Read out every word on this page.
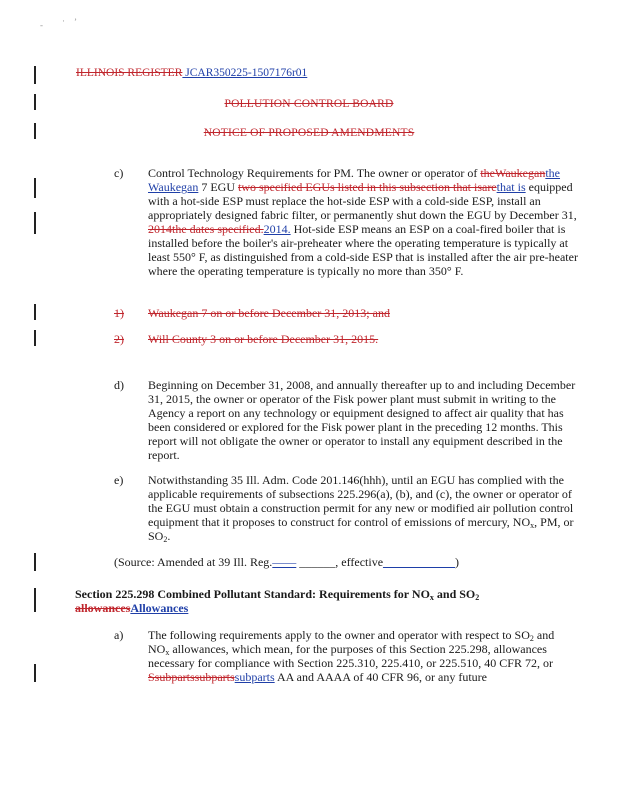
- · ’
ILLINOIS REGISTER JCAR350225-1507176r01
POLLUTION CONTROL BOARD
NOTICE OF PROPOSED AMENDMENTS
c) Control Technology Requirements for PM. The owner or operator of theWaukeganthe Waukegan 7 EGU two specified EGUs listed in this subsection that isarethat is equipped with a hot-side ESP must replace the hot-side ESP with a cold-side ESP, install an appropriately designed fabric filter, or permanently shut down the EGU by December 31, 2014the dates specified.2014. Hot-side ESP means an ESP on a coal-fired boiler that is installed before the boiler's air-preheater where the operating temperature is typically at least 550° F, as distinguished from a cold-side ESP that is installed after the air pre-heater where the operating temperature is typically no more than 350° F.
1) Waukegan 7 on or before December 31, 2013; and
2) Will County 3 on or before December 31, 2015.
d) Beginning on December 31, 2008, and annually thereafter up to and including December 31, 2015, the owner or operator of the Fisk power plant must submit in writing to the Agency a report on any technology or equipment designed to affect air quality that has been considered or explored for the Fisk power plant in the preceding 12 months. This report will not obligate the owner or operator to install any equipment described in the report.
e) Notwithstanding 35 Ill. Adm. Code 201.146(hhh), until an EGU has complied with the applicable requirements of subsections 225.296(a), (b), and (c), the owner or operator of the EGU must obtain a construction permit for any new or modified air pollution control equipment that it proposes to construct for control of emissions of mercury, $NO_x$, PM, or $SO_2$.
(Source: Amended at 39 Ill. Reg.—— ______, effective____________)
Section 225.298 Combined Pollutant Standard: Requirements for $NO_x$ and $SO_2$
allowancesAllowances
a) The following requirements apply to the owner and operator with respect to $SO_2$ and $NO_x$ allowances, which mean, for the purposes of this Section 225.298, allowances necessary for compliance with Section 225.310, 225.410, or 225.510, 40 CFR 72, or Ssubpartssubpartssubparts AA and AAAA of 40 CFR 96, or any future
